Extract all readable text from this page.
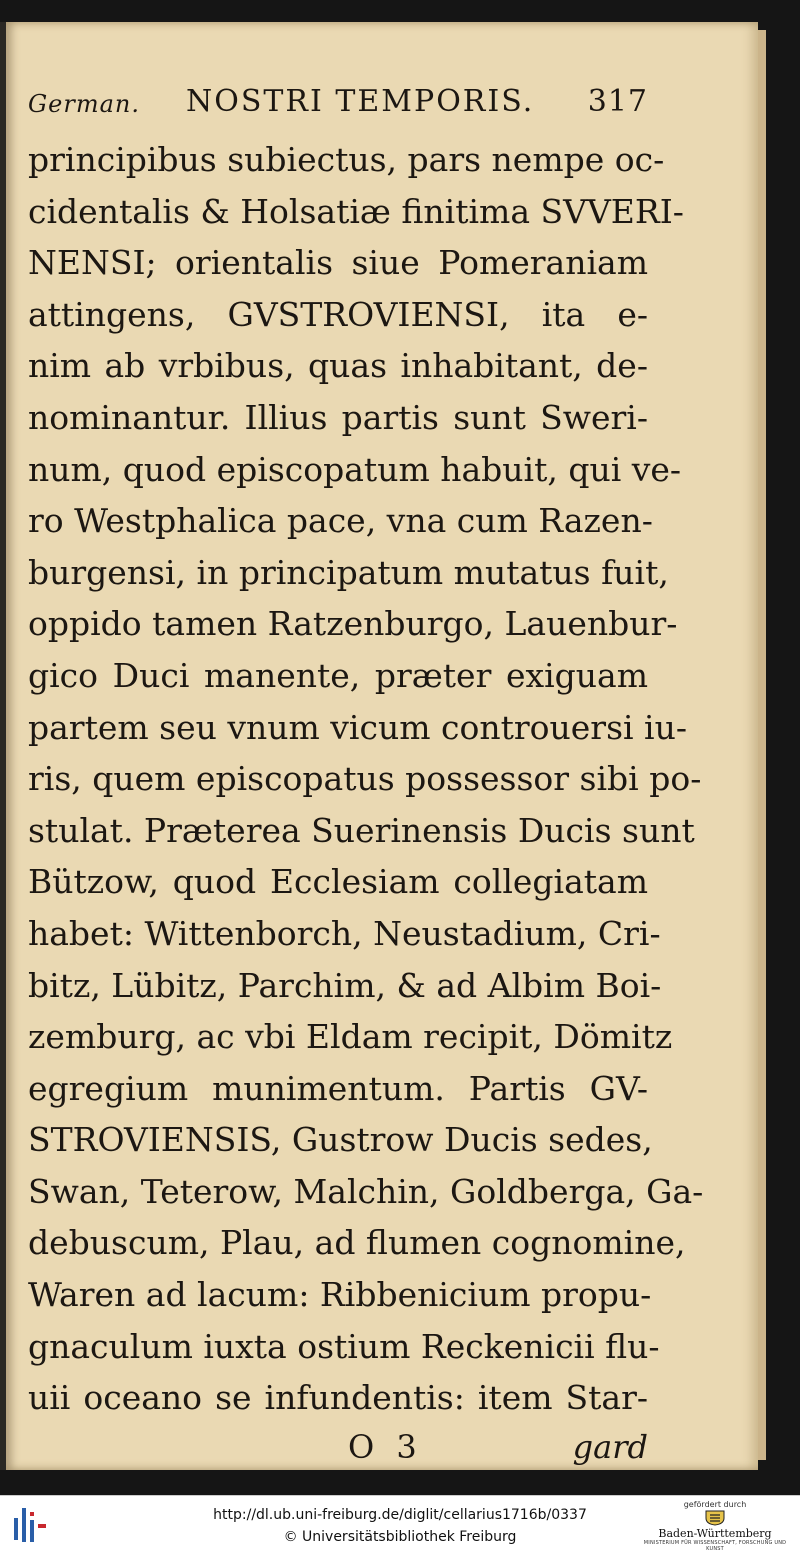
German. NOSTRI TEMPORIS. 317
principibus subiectus, pars nempe oc-
cidentalis & Holsatiæ finitima SVVERI-
NENSI; orientalis siue Pomeraniam
attingens, GVSTROVIENSI, ita e-
nim ab vrbibus, quas inhabitant, de-
nominantur. Illius partis sunt Sweri-
num, quod episcopatum habuit, qui ve-
ro Westphalica pace, vna cum Razen-
burgensi, in principatum mutatus fuit,
oppido tamen Ratzenburgo, Lauenbur-
gico Duci manente, præter exiguam
partem seu vnum vicum controuersi iu-
ris, quem episcopatus possessor sibi po-
stulat. Præterea Suerinensis Ducis sunt
Bützow, quod Ecclesiam collegiatam
habet: Wittenborch, Neustadium, Cri-
bitz, Lübitz, Parchim, & ad Albim Boi-
zemburg, ac vbi Eldam recipit, Dömitz
egregium munimentum. Partis GV-
STROVIENSIS, Gustrow Ducis sedes,
Swan, Teterow, Malchin, Goldberga, Ga-
debuscum, Plau, ad flumen cognomine,
Waren ad lacum: Ribbenicium propu-
gnaculum iuxta ostium Reckenicii flu-
uii oceano se infundentis: item Star-
O 3	gard
http://dl.ub.uni-freiburg.de/diglit/cellarius1716b/0337
© Universitätsbibliothek Freiburg
gefördert durch
Baden-Württemberg
MINISTERIUM FÜR WISSENSCHAFT, FORSCHUNG UND KUNST
